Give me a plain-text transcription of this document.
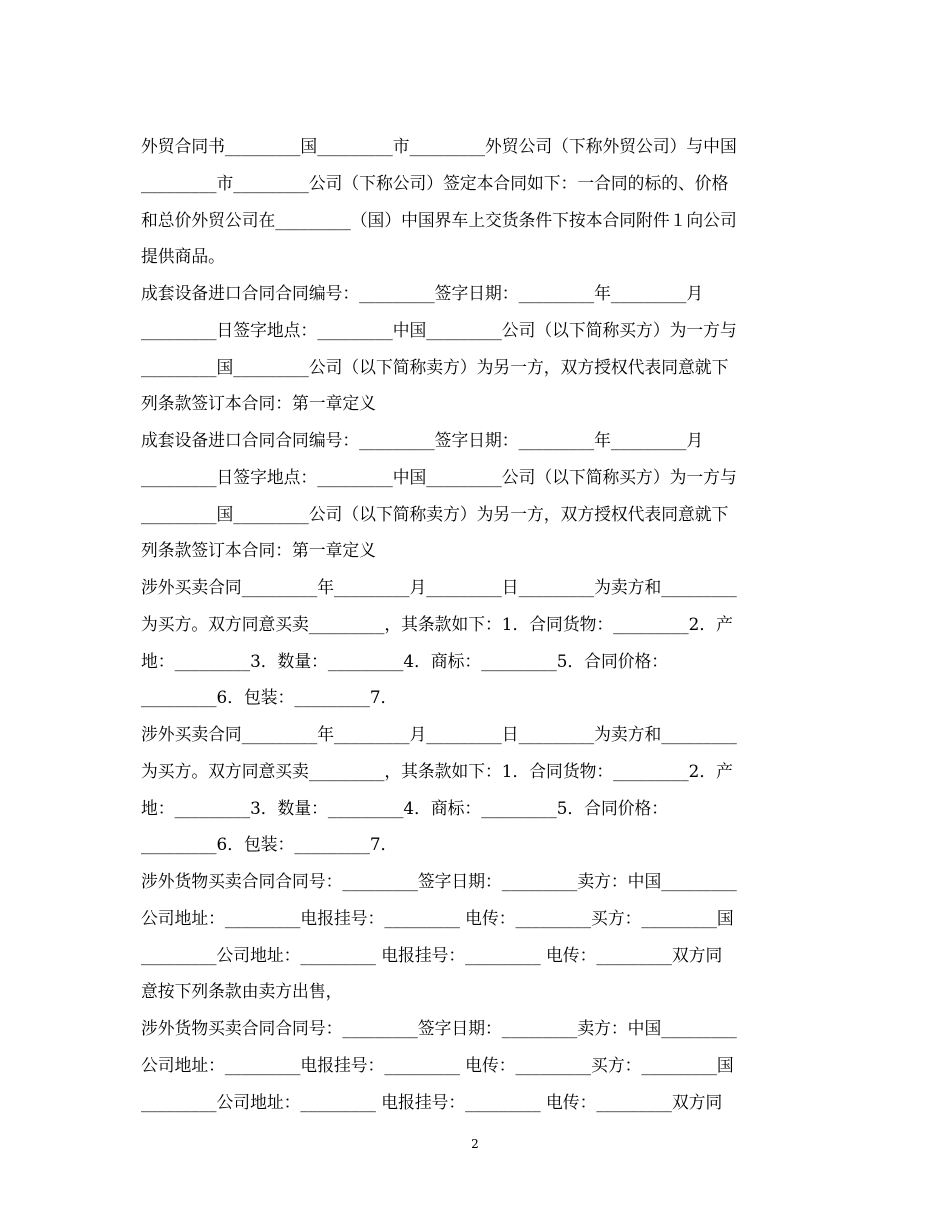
外贸合同书_________国_________市_________外贸公司（下称外贸公司）与中国
_________市_________公司（下称公司）签定本合同如下：一合同的标的、价格
和总价外贸公司在_________（国）中国界车上交货条件下按本合同附件１向公司
提供商品。
成套设备进口合同合同编号：_________签字日期：_________年_________月
_________日签字地点：_________中国_________公司（以下简称买方）为一方与
_________国_________公司（以下简称卖方）为另一方，双方授权代表同意就下
列条款签订本合同：第一章定义
成套设备进口合同合同编号：_________签字日期：_________年_________月
_________日签字地点：_________中国_________公司（以下简称买方）为一方与
_________国_________公司（以下简称卖方）为另一方，双方授权代表同意就下
列条款签订本合同：第一章定义
涉外买卖合同_________年_________月_________日_________为卖方和_________
为买方。双方同意买卖_________，其条款如下：1．合同货物：_________2．产
地：_________3．数量：_________4．商标：_________5．合同价格：
_________6．包装：_________7．
涉外买卖合同_________年_________月_________日_________为卖方和_________
为买方。双方同意买卖_________，其条款如下：1．合同货物：_________2．产
地：_________3．数量：_________4．商标：_________5．合同价格：
_________6．包装：_________7．
涉外货物买卖合同合同号：_________签字日期：_________卖方：中国_________
公司地址：_________电报挂号：_________ 电传：_________买方：_________国
_________公司地址：_________ 电报挂号：_________ 电传：_________双方同
意按下列条款由卖方出售，
涉外货物买卖合同合同号：_________签字日期：_________卖方：中国_________
公司地址：_________电报挂号：_________ 电传：_________买方：_________国
_________公司地址：_________ 电报挂号：_________ 电传：_________双方同
2
